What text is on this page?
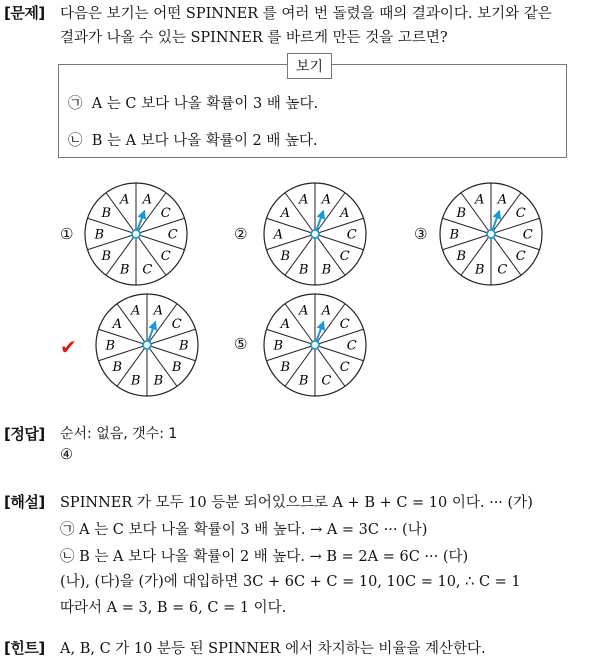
[문제] 다음은 보기는 어떤 SPINNER 를 여러 번 돌렸을 때의 결과이다. 보기와 같은
결과가 나올 수 있는 SPINNER 를 바르게 만든 것을 고르면?
보기
㉠ A 는 C 보다 나올 확률이 3 배 높다.
㉡ B 는 A 보다 나올 확률이 2 배 높다.
①	②	③
✔	⑤
A
C
C
C
C
B
B
B
B
A	A
A
C
C
B
B
B
A
A
A	A
C
C
C
C
B
B
B
B
A
A
C
B
B
B
B
B
B
A
A	A
C
C
C
C
B
B
B
A
A
[정답] 순서: 없음, 갯수: 1
④
[해설] SPINNER 가 모두 10 등분 되어있으므로 A + B + C = 10 이다. ··· (가)
㉠ A 는 C 보다 나올 확률이 3 배 높다. → A = 3C ··· (나)
㉡ B 는 A 보다 나올 확률이 2 배 높다. → B = 2A = 6C ··· (다)
(나), (다)을 (가)에 대입하면 3C + 6C + C = 10, 10C = 10, ∴ C = 1
따라서 A = 3, B = 6, C = 1 이다.
[힌트] A, B, C 가 10 분등 된 SPINNER 에서 차지하는 비율을 계산한다.
